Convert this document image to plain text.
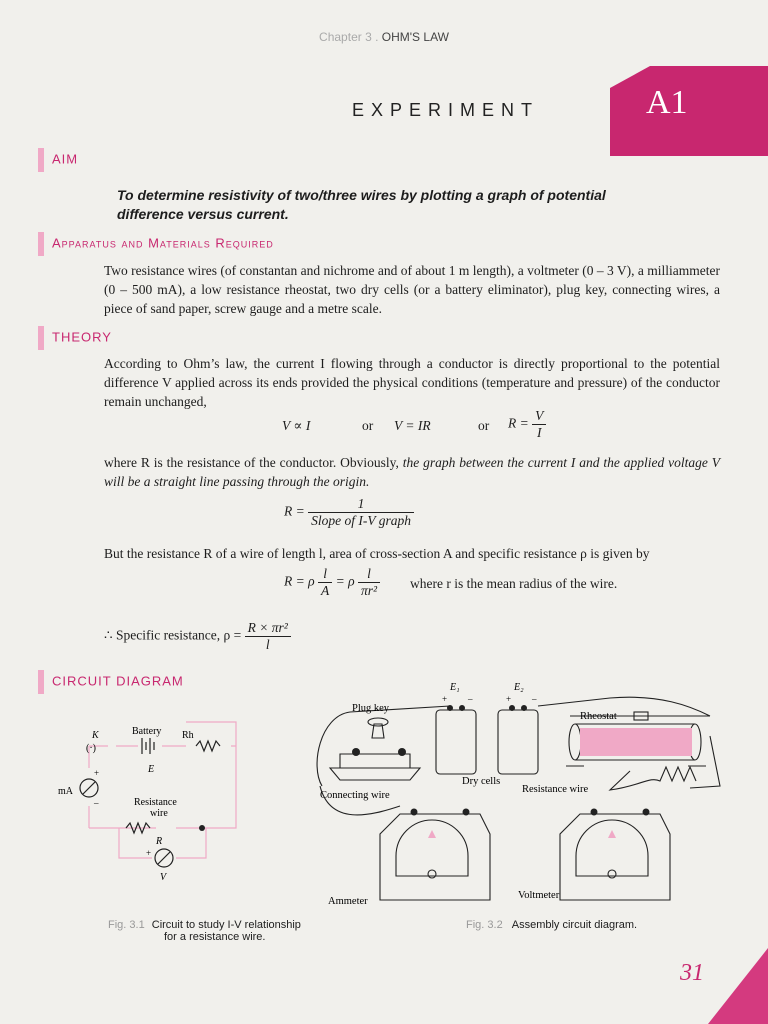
Chapter 3 . OHM'S LAW
EXPERIMENT	A1
AIM
To determine resistivity of two/three wires by plotting a graph of potential difference versus current.
Apparatus and Materials Required
Two resistance wires (of constantan and nichrome and of about 1 m length), a voltmeter (0 – 3 V), a milliammeter (0 – 500 mA), a low resistance rheostat, two dry cells (or a battery eliminator), plug key, connecting wires, a piece of sand paper, screw gauge and a metre scale.
THEORY
According to Ohm’s law, the current I flowing through a conductor is directly proportional to the potential difference V applied across its ends provided the physical conditions (temperature and pressure) of the conductor remain unchanged,
V ∝ I	or V = IR	or $R = \frac{V}{I}$
where R is the resistance of the conductor. Obviously, the graph between the current I and the applied voltage V will be a straight line passing through the origin.
$R = \frac{1}{\text{Slope of I-V graph}}$
But the resistance R of a wire of length l, area of cross-section A and specific resistance ρ is given by
R = ρ $\frac{l}{A} = \rho \frac{l}{\text{πr²}}$ where r is the mean radius of the wire.
∴ Specific resistance, $\rho = \frac{\text{R × πr²}}{l}$
CIRCUIT DIAGRAM
K
(·)
Battery Rh
E
mA
+
–	Resistance
wire
R
+
V
Fig. 3.1 Circuit to study I-V relationship
for a resistance wire.
E₁	E₂
+ –	+ –
Plug key
Rheostat
Dry cells
Connecting wire
Resistance wire
Ammeter
Voltmeter
Fig. 3.2 Assembly circuit diagram.
31
